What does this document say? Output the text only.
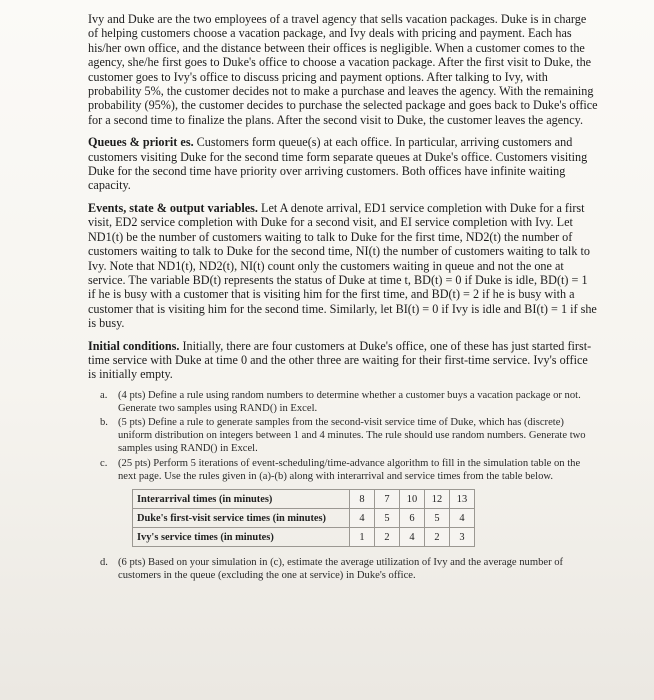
Ivy and Duke are the two employees of a travel agency that sells vacation packages. Duke is in charge of helping customers choose a vacation package, and Ivy deals with pricing and payment. Each has his/her own office, and the distance between their offices is negligible. When a customer comes to the agency, she/he first goes to Duke's office to choose a vacation package. After the first visit to Duke, the customer goes to Ivy's office to discuss pricing and payment options. After talking to Ivy, with probability 5%, the customer decides not to make a purchase and leaves the agency. With the remaining probability (95%), the customer decides to purchase the selected package and goes back to Duke's office for a second time to finalize the plans. After the second visit to Duke, the customer leaves the agency.

Queues & priorit es. Customers form queue(s) at each office. In particular, arriving customers and customers visiting Duke for the second time form separate queues at Duke's office. Customers visiting Duke for the second time have priority over arriving customers. Both offices have infinite waiting capacity.

Events, state & output variables. Let A denote arrival, ED1 service completion with Duke for a first visit, ED2 service completion with Duke for a second visit, and EI service completion with Ivy. Let ND1(t) be the number of customers waiting to talk to Duke for the first time, ND2(t) the number of customers waiting to talk to Duke for the second time, NI(t) the number of customers waiting to talk to Ivy. Note that ND1(t), ND2(t), NI(t) count only the customers waiting in queue and not the one at service. The variable BD(t) represents the status of Duke at time t, BD(t) = 0 if Duke is idle, BD(t) = 1 if he is busy with a customer that is visiting him for the first time, and BD(t) = 2 if he is busy with a customer that is visiting him for the second time. Similarly, let BI(t) = 0 if Ivy is idle and BI(t) = 1 if she is busy.

Initial conditions. Initially, there are four customers at Duke's office, one of these has just started first-time service with Duke at time 0 and the other three are waiting for their first-time service. Ivy's office is initially empty.

a. (4 pts) Define a rule using random numbers to determine whether a customer buys a vacation package or not. Generate two samples using RAND() in Excel.
b. (5 pts) Define a rule to generate samples from the second-visit service time of Duke, which has (discrete) uniform distribution on integers between 1 and 4 minutes. The rule should use random numbers. Generate two samples using RAND() in Excel.
c. (25 pts) Perform 5 iterations of event-scheduling/time-advance algorithm to fill in the simulation table on the next page. Use the rules given in (a)-(b) along with interarrival and service times from the table below.
Interarrival times (in minutes)	8	7	10	12	13
Duke's first-visit service times (in minutes)	4	5	6	5	4
Ivy's service times (in minutes)	1	2	4	2	3
d. (6 pts) Based on your simulation in (c), estimate the average utilization of Ivy and the average number of customers in the queue (excluding the one at service) in Duke's office.
